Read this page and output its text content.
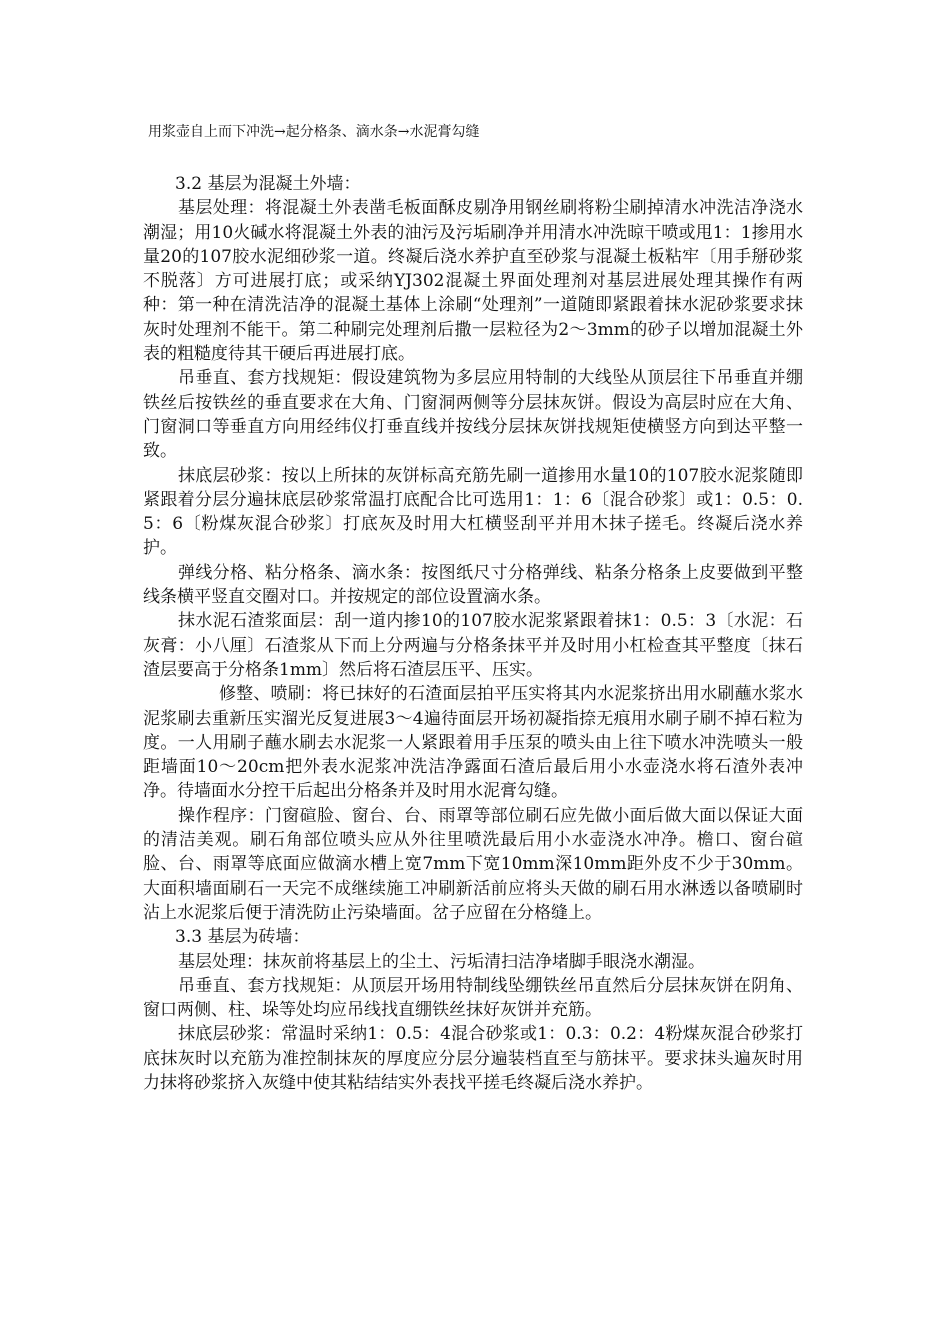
用浆壶自上而下冲洗→起分格条、滴水条→水泥膏勾缝

3.2 基层为混凝土外墙：

基层处理：将混凝土外表凿毛板面酥皮剔净用钢丝刷将粉尘刷掉清水冲洗洁净浇水潮湿；用10火碱水将混凝土外表的油污及污垢刷净并用清水冲洗晾干喷或甩1：1掺用水量20的107胶水泥细砂浆一道。终凝后浇水养护直至砂浆与混凝土板粘牢〔用手掰砂浆不脱落〕方可进展打底；或采纳YJ302混凝土界面处理剂对基层进展处理其操作有两种：第一种在清洗洁净的混凝土基体上涂刷“处理剂”一道随即紧跟着抹水泥砂浆要求抹灰时处理剂不能干。第二种刷完处理剂后撒一层粒径为2～3mm的砂子以增加混凝土外表的粗糙度待其干硬后再进展打底。

吊垂直、套方找规矩：假设建筑物为多层应用特制的大线坠从顶层往下吊垂直并绷铁丝后按铁丝的垂直要求在大角、门窗洞两侧等分层抹灰饼。假设为高层时应在大角、门窗洞口等垂直方向用经纬仪打垂直线并按线分层抹灰饼找规矩使横竖方向到达平整一致。

抹底层砂浆：按以上所抹的灰饼标高充筋先刷一道掺用水量10的107胶水泥浆随即紧跟着分层分遍抹底层砂浆常温打底配合比可选用1：1：6〔混合砂浆〕或1：0.5：0.5：6〔粉煤灰混合砂浆〕打底灰及时用大杠横竖刮平并用木抹子搓毛。终凝后浇水养护。

弹线分格、粘分格条、滴水条：按图纸尺寸分格弹线、粘条分格条上皮要做到平整线条横平竖直交圈对口。并按规定的部位设置滴水条。

抹水泥石渣浆面层：刮一道内掺10的107胶水泥浆紧跟着抹1：0.5：3〔水泥：石灰膏：小八厘〕石渣浆从下而上分两遍与分格条抹平并及时用小杠检查其平整度〔抹石渣层要高于分格条1mm〕然后将石渣层压平、压实。

修整、喷刷：将已抹好的石渣面层拍平压实将其内水泥浆挤出用水刷蘸水浆水泥浆刷去重新压实溜光反复进展3～4遍待面层开场初凝指捺无痕用水刷子刷不掉石粒为度。一人用刷子蘸水刷去水泥浆一人紧跟着用手压泵的喷头由上往下喷水冲洗喷头一般距墙面10～20cm把外表水泥浆冲洗洁净露面石渣后最后用小水壶浇水将石渣外表冲净。待墙面水分控干后起出分格条并及时用水泥膏勾缝。

操作程序：门窗碹脸、窗台、台、雨罩等部位刷石应先做小面后做大面以保证大面的清洁美观。刷石角部位喷头应从外往里喷洗最后用小水壶浇水冲净。檐口、窗台碹脸、台、雨罩等底面应做滴水槽上宽7mm下宽10mm深10mm距外皮不少于30mm。大面积墙面刷石一天完不成继续施工冲刷新活前应将头天做的刷石用水淋透以备喷刷时沾上水泥浆后便于清洗防止污染墙面。岔子应留在分格缝上。

3.3 基层为砖墙：

基层处理：抹灰前将基层上的尘土、污垢清扫洁净堵脚手眼浇水潮湿。

吊垂直、套方找规矩：从顶层开场用特制线坠绷铁丝吊直然后分层抹灰饼在阴角、窗口两侧、柱、垛等处均应吊线找直绷铁丝抹好灰饼并充筋。

抹底层砂浆：常温时采纳1：0.5：4混合砂浆或1：0.3：0.2：4粉煤灰混合砂浆打底抹灰时以充筋为准控制抹灰的厚度应分层分遍装档直至与筋抹平。要求抹头遍灰时用力抹将砂浆挤入灰缝中使其粘结结实外表找平搓毛终凝后浇水养护。
